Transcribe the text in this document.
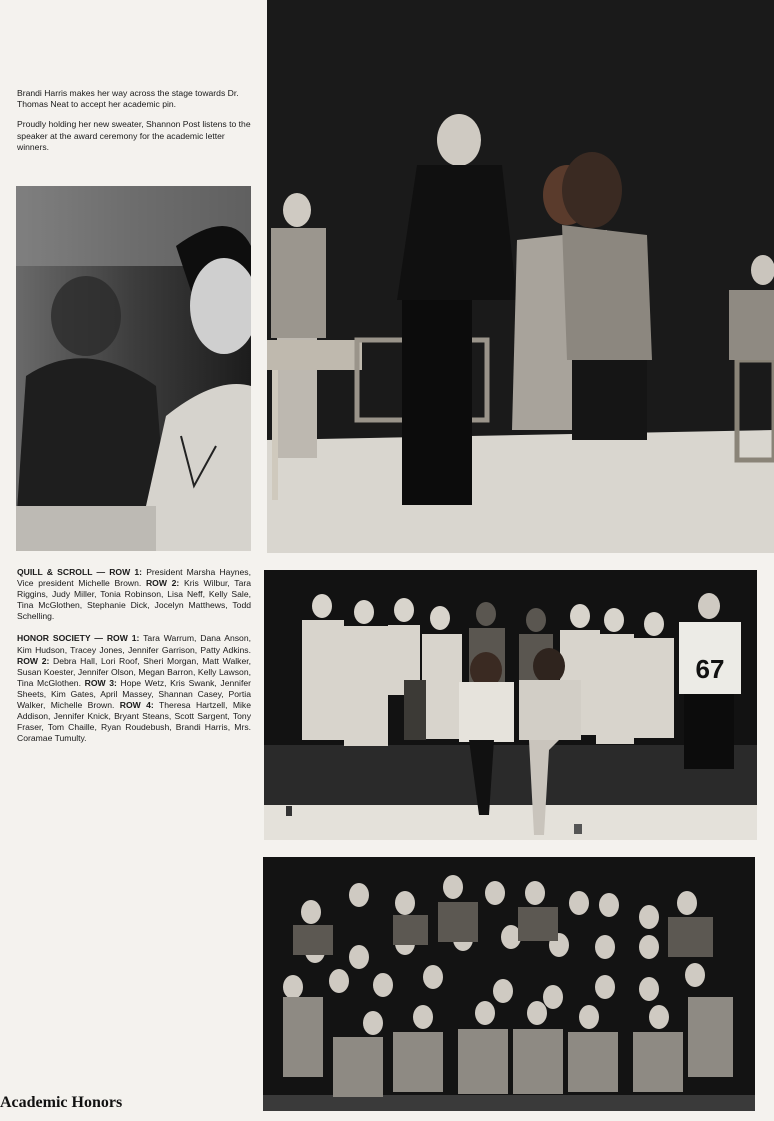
Brandi Harris makes her way across the stage towards Dr. Thomas Neat to accept her academic pin.

Proudly holding her new sweater, Shannon Post listens to the speaker at the award ceremony for the academic letter winners.

QUILL & SCROLL — ROW 1: President Marsha Haynes, Vice president Michelle Brown. ROW 2: Kris Wilbur, Tara Riggins, Judy Miller, Tonia Robinson, Lisa Neff, Kelly Sale, Tina McGlothen, Stephanie Dick, Jocelyn Matthews, Todd Schelling.

HONOR SOCIETY — ROW 1: Tara Warrum, Dana Anson, Kim Hudson, Tracey Jones, Jennifer Garrison, Patty Adkins. ROW 2: Debra Hall, Lori Roof, Sheri Morgan, Matt Walker, Susan Koester, Jennifer Olson, Megan Barron, Kelly Lawson, Tina McGlothen. ROW 3: Hope Wetz, Kris Swank, Jennifer Sheets, Kim Gates, April Massey, Shannan Casey, Portia Walker, Michelle Brown. ROW 4: Theresa Hartzell, Mike Addison, Jennifer Knick, Bryant Steans, Scott Sargent, Tony Fraser, Tom Chaille, Ryan Roudebush, Brandi Harris, Mrs. Coramae Tumulty.

67
Academic Honors
